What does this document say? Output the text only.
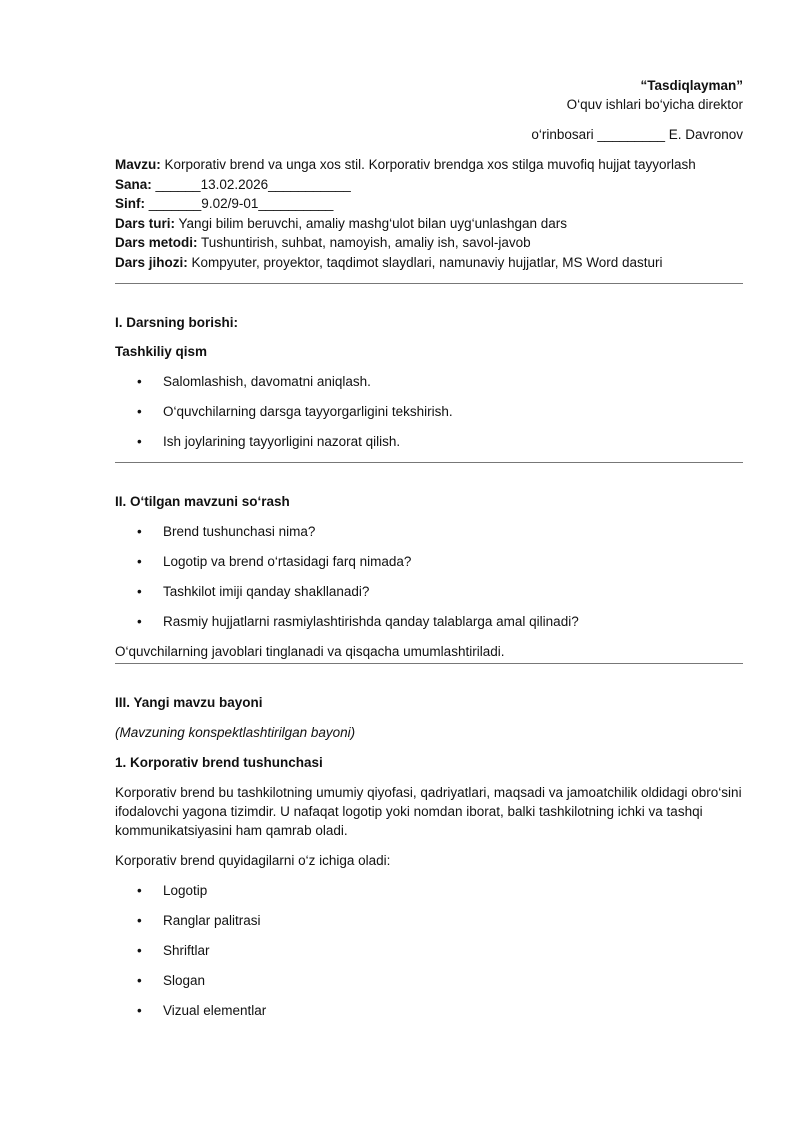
“Tasdiqlayman”
O‘quv ishlari bo‘yicha direktor
o‘rinbosari _________ E. Davronov
Mavzu: Korporativ brend va unga xos stil. Korporativ brendga xos stilga muvofiq hujjat tayyorlash
Sana: ______13.02.2026___________
Sinf: _______9.02/9-01__________
Dars turi: Yangi bilim beruvchi, amaliy mashg‘ulot bilan uyg‘unlashgan dars
Dars metodi: Tushuntirish, suhbat, namoyish, amaliy ish, savol-javob
Dars jihozi: Kompyuter, proyektor, taqdimot slaydlari, namunaviy hujjatlar, MS Word dasturi
I. Darsning borishi:
Tashkiliy qism
• Salomlashish, davomatni aniqlash.
• O‘quvchilarning darsga tayyorgarligini tekshirish.
• Ish joylarining tayyorligini nazorat qilish.
II. O‘tilgan mavzuni so‘rash
• Brend tushunchasi nima?
• Logotip va brend o‘rtasidagi farq nimada?
• Tashkilot imiji qanday shakllanadi?
• Rasmiy hujjatlarni rasmiylashtirishda qanday talablarga amal qilinadi?

O‘quvchilarning javoblari tinglanadi va qisqacha umumlashtiriladi.

III. Yangi mavzu bayoni
(Mavzuning konspektlashtirilgan bayoni)
1. Korporativ brend tushunchasi

Korporativ brend bu tashkilotning umumiy qiyofasi, qadriyatlari, maqsadi va jamoatchilik oldidagi obro‘sini ifodalovchi yagona tizimdir. U nafaqat logotip yoki nomdan iborat, balki tashkilotning ichki va tashqi kommunikatsiyasini ham qamrab oladi.

Korporativ brend quyidagilarni o‘z ichiga oladi:

• Logotip
• Ranglar palitrasi
• Shriftlar
• Slogan
• Vizual elementlar
